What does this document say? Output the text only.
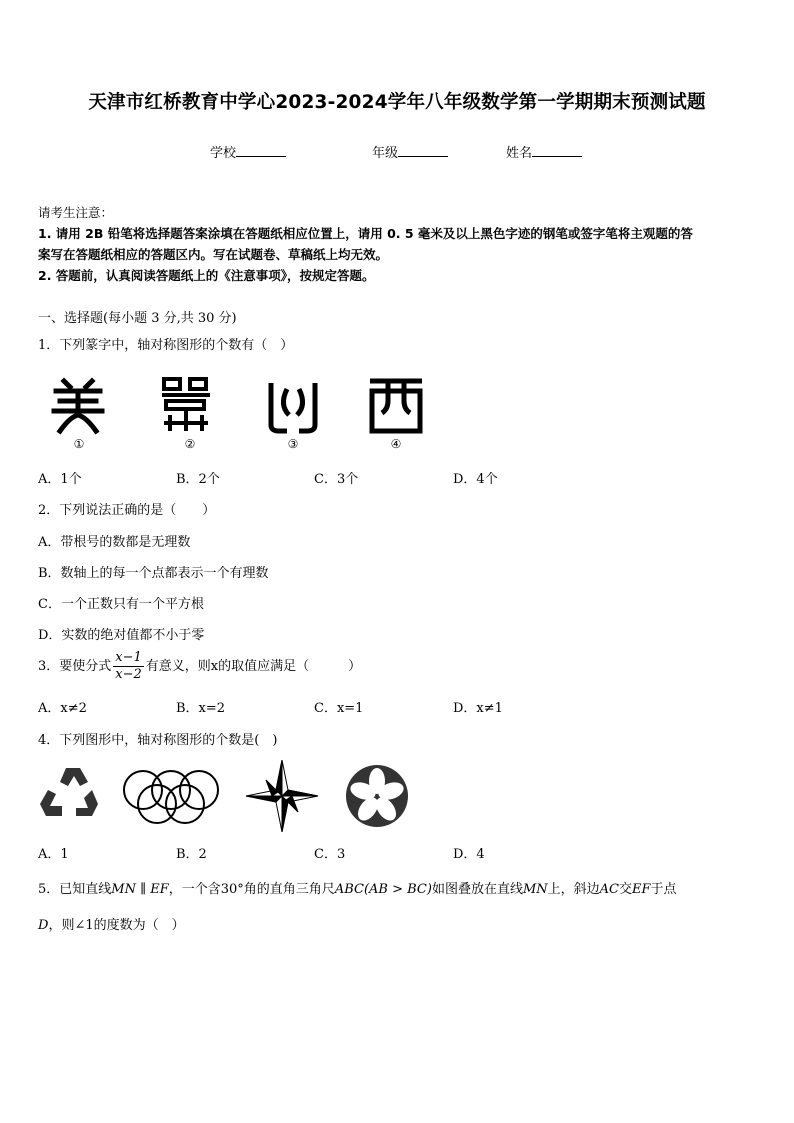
天津市红桥教育中学心2023-2024学年八年级数学第一学期期末预测试题
学校	年级	姓名
请考生注意：
1. 请用 2B 铅笔将选择题答案涂填在答题纸相应位置上，请用 0. 5 毫米及以上黑色字迹的钢笔或签字笔将主观题的答
案写在答题纸相应的答题区内。写在试题卷、草稿纸上均无效。
2. 答题前，认真阅读答题纸上的《注意事项》，按规定答题。
一、选择题(每小题 3 分,共 30 分)
1．下列篆字中，轴对称图形的个数有（　）
①	②	③	④
A．1个	B．2个	C．3个	D．4个
2．下列说法正确的是（　　）
A．带根号的数都是无理数
B．数轴上的每一个点都表示一个有理数
C．一个正数只有一个平方根
D．实数的绝对值都不小于零
3．要使分式 $\frac{x-1}{x-2}$ 有意义，则x的取值应满足（　　　）
A．x≠2	B．x=2	C．x=1	D．x≠1
4．下列图形中，轴对称图形的个数是(　)
A．1	B．2	C．3	D．4
5．已知直线MN ∥ EF，一个含30°角的直角三角尺ABC(AB > BC)如图叠放在直线MN上，斜边AC交EF于点
D，则∠1的度数为（　）
